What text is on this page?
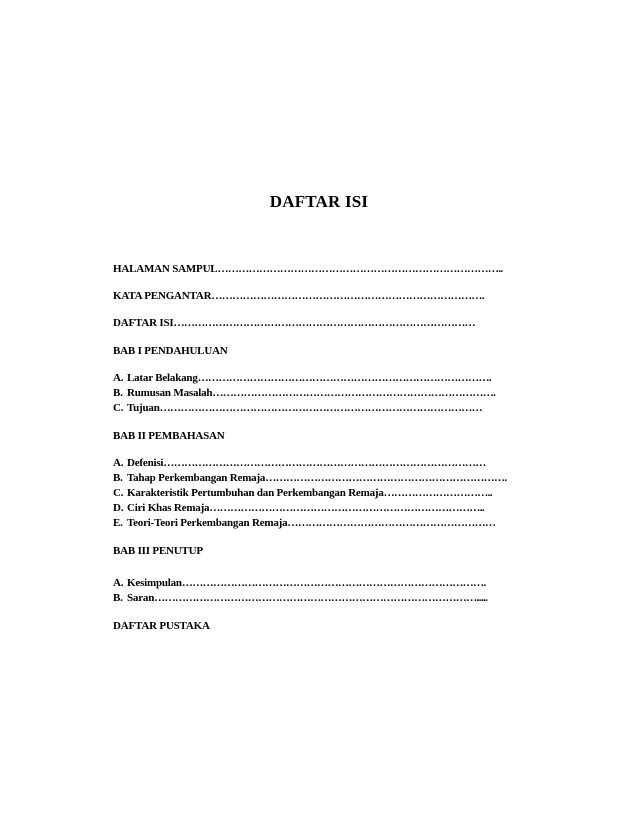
DAFTAR ISI
HALAMAN SAMPUL………………………………………………………………………..
KATA PENGANTAR…………………………………………………………………….
DAFTAR ISI……………………………………………………………………………
BAB I PENDAHULUAN
A. Latar Belakang………………………………………………………………………….
B. Rumusan Masalah……………………………………………………………………….
C. Tujuan…………………………………………………………………………………
BAB II PEMBAHASAN
A. Defenisi…………………………………………………………………………………
B. Tahap Perkembangan Remaja…………………………………………………………….
C. Karakteristik Pertumbuhan dan Perkembangan Remaja…………………………..
D. Ciri Khas Remaja……………………………………………………………………..
E. Teori-Teori Perkembangan Remaja……………………………………………………
BAB III PENUTUP
A. Kesimpulan…………………………………………………………………………….
B. Saran………………………………………………………………………………….....
DAFTAR PUSTAKA
